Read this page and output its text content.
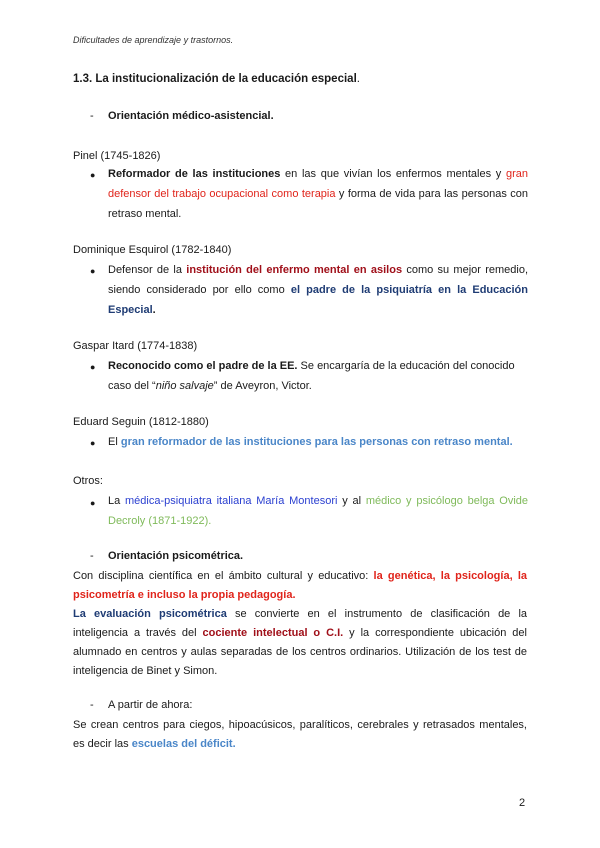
Dificultades de aprendizaje y trastornos.
1.3. La institucionalización de la educación especial.
- Orientación médico-asistencial.
Pinel (1745-1826)
● Reformador de las instituciones en las que vivían los enfermos mentales y gran
defensor del trabajo ocupacional como terapia y forma de vida para las personas con
retraso mental.
Dominique Esquirol (1782-1840)
● Defensor de la institución del enfermo mental en asilos como su mejor remedio,
siendo considerado por ello como el padre de la psiquiatría en la Educación
Especial.
Gaspar Itard (1774-1838)
● Reconocido como el padre de la EE. Se encargaría de la educación del conocido
caso del “niño salvaje” de Aveyron, Victor.
Eduard Seguin (1812-1880)
● El gran reformador de las instituciones para las personas con retraso mental.
Otros:
● La médica-psiquiatra italiana María Montesori y al médico y psicólogo belga Ovide
Decroly (1871-1922).
- Orientación psicométrica.
Con disciplina científica en el ámbito cultural y educativo: la genética, la psicología, la
psicometría e incluso la propia pedagogía.
La evaluación psicométrica se convierte en el instrumento de clasificación de la
inteligencia a través del cociente intelectual o C.I. y la correspondiente ubicación del
alumnado en centros y aulas separadas de los centros ordinarios. Utilización de los test de
inteligencia de Binet y Simon.
- A partir de ahora:
Se crean centros para ciegos, hipoacúsicos, paralíticos, cerebrales y retrasados mentales,
es decir las escuelas del déficit.
2
